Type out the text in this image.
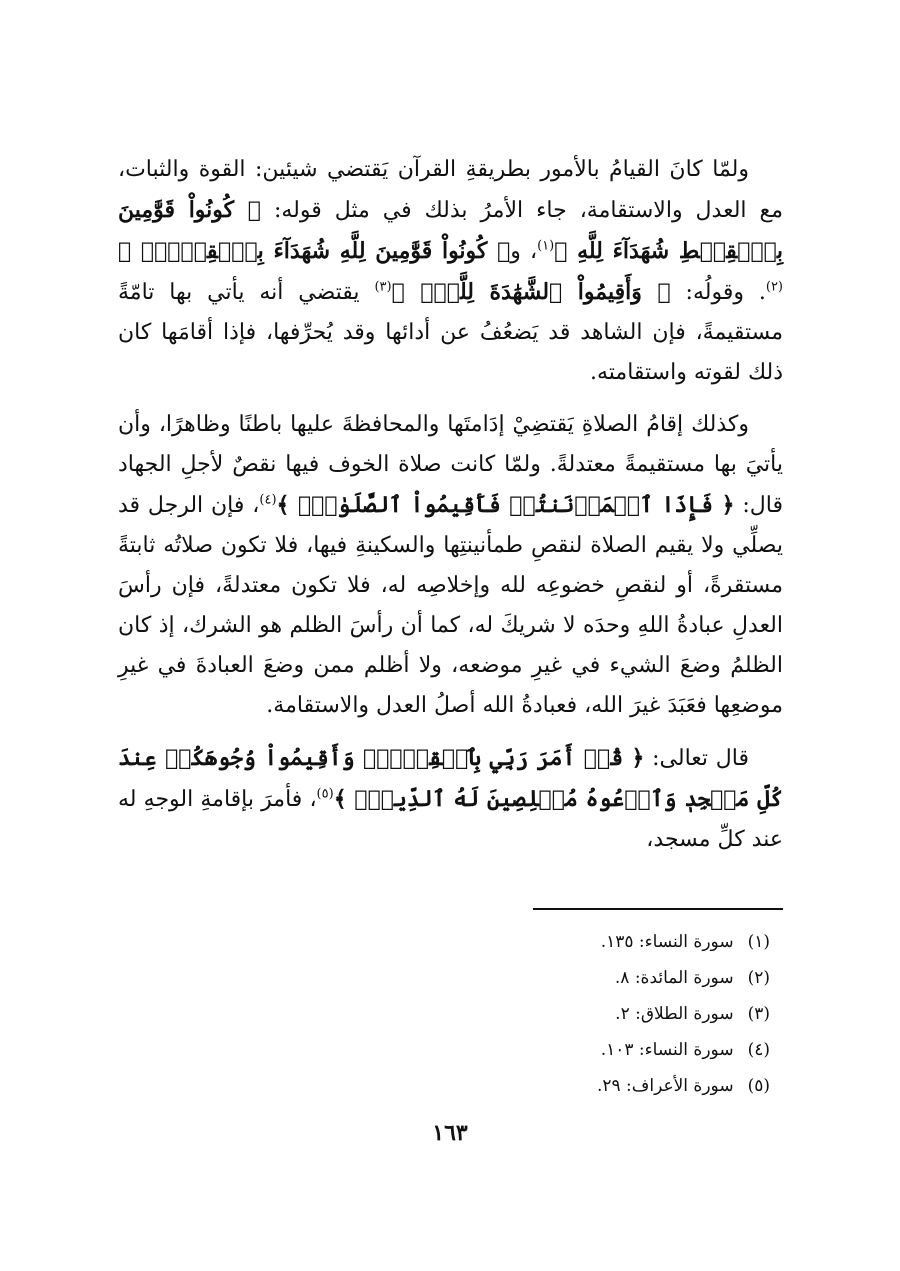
ولمّا كانَ القيامُ بالأمور بطريقةِ القرآن يَقتضي شيئين: القوة والثبات، مع العدل والاستقامة، جاء الأمرُ بذلك في مثل قوله: ﴿ كُونُواْ قَوَّٰمِينَ بِٱلۡقِسۡطِ شُهَدَآءَ لِلَّهِ ﴾$^{(١)}$، و﴿ كُونُواْ قَوَّٰمِينَ لِلَّهِ شُهَدَآءَ بِٱلۡقِسۡطِۖ ﴾$^{(٢)}$. وقولُه: ﴿ وَأَقِيمُواْ ٱلشَّهَٰدَةَ لِلَّهِۚ ﴾$^{(٣)}$ يقتضي أنه يأتي بها تامّةً مستقيمةً، فإن الشاهد قد يَضعُفُ عن أدائها وقد يُحرِّفها، فإذا أقامَها كان ذلك لقوته واستقامته.

وكذلك إقامُ الصلاةِ يَقتضِيْ إدَامتَها والمحافظةَ عليها باطنًا وظاهرًا، وأن يأتيَ بها مستقيمةً معتدلةً. ولمّا كانت صلاة الخوف فيها نقصٌ لأجلِ الجهاد قال: ﴿ فَإِذَا ٱطۡمَأۡنَنتُمۡ فَأَقِيمُواْ ٱلصَّلَوٰةَۚ ﴾$^{(٤)}$، فإن الرجل قد يصلِّي ولا يقيم الصلاة لنقصِ طمأنينتِها والسكينةِ فيها، فلا تكون صلاتُه ثابتةً مستقرةً، أو لنقصِ خضوعِه لله وإخلاصِه له، فلا تكون معتدلةً، فإن رأسَ العدلِ عبادةُ اللهِ وحدَه لا شريكَ له، كما أن رأسَ الظلم هو الشرك، إذ كان الظلمُ وضعَ الشيء في غيرِ موضعه، ولا أظلم ممن وضعَ العبادةَ في غيرِ موضعِها فعَبَدَ غيرَ الله، فعبادةُ الله أصلُ العدل والاستقامة.

قال تعالى: ﴿ قُلۡ أَمَرَ رَبِّي بِٱلۡقِسۡطِۖ وَأَقِيمُواْ وُجُوهَكُمۡ عِندَ كُلِّ مَسۡجِدٖ وَٱدۡعُوهُ مُخۡلِصِينَ لَهُ ٱلدِّينَۚ ﴾$^{(٥)}$، فأمرَ بإقامةِ الوجهِ له عند كلِّ مسجد،

(١)سورة النساء: ١٣٥.
(٢)سورة المائدة: ٨.
(٣)سورة الطلاق: ٢.
(٤)سورة النساء: ١٠٣.
(٥)سورة الأعراف: ٢٩.
١٦٣
